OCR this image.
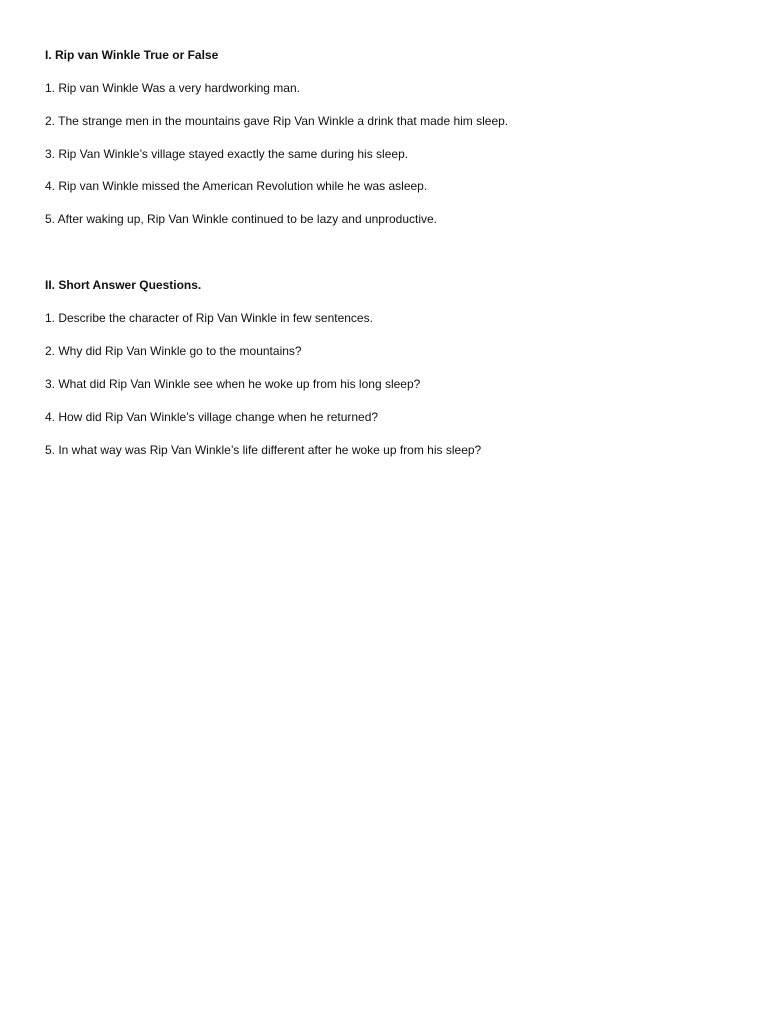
I. Rip van Winkle True or False
1. Rip van Winkle Was a very hardworking man.
2. The strange men in the mountains gave Rip Van Winkle a drink that made him sleep.
3. Rip Van Winkle’s village stayed exactly the same during his sleep.
4. Rip van Winkle missed the American Revolution while he was asleep.
5. After waking up, Rip Van Winkle continued to be lazy and unproductive.
II. Short Answer Questions.
1. Describe the character of Rip Van Winkle in few sentences.
2. Why did Rip Van Winkle go to the mountains?
3. What did Rip Van Winkle see when he woke up from his long sleep?
4. How did Rip Van Winkle’s village change when he returned?
5. In what way was Rip Van Winkle’s life different after he woke up from his sleep?
